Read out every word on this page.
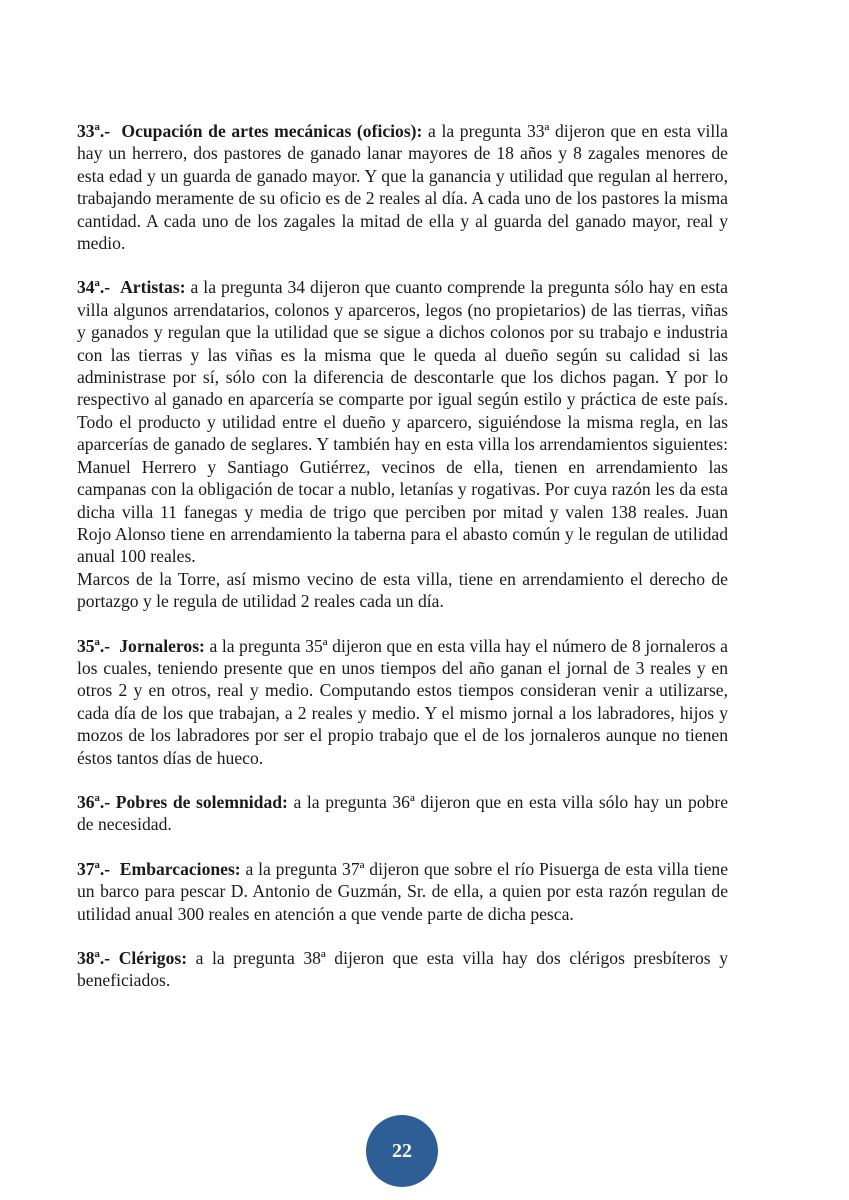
33ª.- Ocupación de artes mecánicas (oficios): a la pregunta 33ª dijeron que en esta villa hay un herrero, dos pastores de ganado lanar mayores de 18 años y 8 zagales menores de esta edad y un guarda de ganado mayor. Y que la ganancia y utilidad que regulan al herrero, trabajando meramente de su oficio es de 2 reales al día. A cada uno de los pastores la misma cantidad. A cada uno de los zagales la mitad de ella y al guarda del ganado mayor, real y medio.

34ª.- Artistas: a la pregunta 34 dijeron que cuanto comprende la pregunta sólo hay en esta villa algunos arrendatarios, colonos y aparceros, legos (no propietarios) de las tierras, viñas y ganados y regulan que la utilidad que se sigue a dichos colonos por su trabajo e industria con las tierras y las viñas es la misma que le queda al dueño según su calidad si las administrase por sí, sólo con la diferencia de descontarle que los dichos pagan. Y por lo respectivo al ganado en aparcería se comparte por igual según estilo y práctica de este país. Todo el producto y utilidad entre el dueño y aparcero, siguiéndose la misma regla, en las aparcerías de ganado de seglares. Y también hay en esta villa los arrendamientos siguientes: Manuel Herrero y Santiago Gutiérrez, vecinos de ella, tienen en arrendamiento las campanas con la obligación de tocar a nublo, letanías y rogativas. Por cuya razón les da esta dicha villa 11 fanegas y media de trigo que perciben por mitad y valen 138 reales. Juan Rojo Alonso tiene en arrendamiento la taberna para el abasto común y le regulan de utilidad anual 100 reales.

Marcos de la Torre, así mismo vecino de esta villa, tiene en arrendamiento el derecho de portazgo y le regula de utilidad 2 reales cada un día.

35ª.- Jornaleros: a la pregunta 35ª dijeron que en esta villa hay el número de 8 jornaleros a los cuales, teniendo presente que en unos tiempos del año ganan el jornal de 3 reales y en otros 2 y en otros, real y medio. Computando estos tiempos consideran venir a utilizarse, cada día de los que trabajan, a 2 reales y medio. Y el mismo jornal a los labradores, hijos y mozos de los labradores por ser el propio trabajo que el de los jornaleros aunque no tienen éstos tantos días de hueco.

36ª.- Pobres de solemnidad: a la pregunta 36ª dijeron que en esta villa sólo hay un pobre de necesidad.

37ª.- Embarcaciones: a la pregunta 37ª dijeron que sobre el río Pisuerga de esta villa tiene un barco para pescar D. Antonio de Guzmán, Sr. de ella, a quien por esta razón regulan de utilidad anual 300 reales en atención a que vende parte de dicha pesca.

38ª.- Clérigos: a la pregunta 38ª dijeron que esta villa hay dos clérigos presbíteros y beneficiados.

22
